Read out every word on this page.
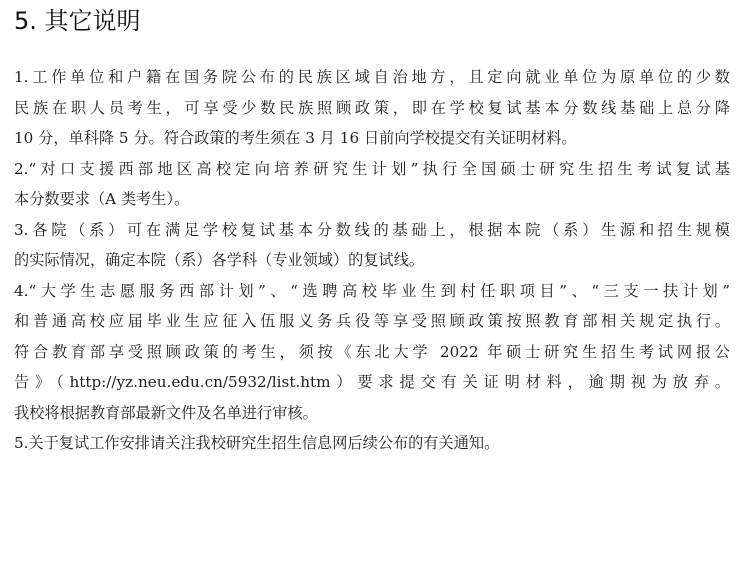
5. 其它说明
1.工作单位和户籍在国务院公布的民族区域自治地方，且定向就业单位为原单位的少数
民族在职人员考生，可享受少数民族照顾政策，即在学校复试基本分数线基础上总分降
10 分，单科降 5 分。符合政策的考生须在 3 月 16 日前向学校提交有关证明材料。
2.“对口支援西部地区高校定向培养研究生计划”执行全国硕士研究生招生考试复试基
本分数要求（A 类考生）。
3.各院（系）可在满足学校复试基本分数线的基础上，根据本院（系）生源和招生规模
的实际情况，确定本院（系）各学科（专业领域）的复试线。
4.“大学生志愿服务西部计划”、“选聘高校毕业生到村任职项目”、“三支一扶计划”
和普通高校应届毕业生应征入伍服义务兵役等享受照顾政策按照教育部相关规定执行。
符合教育部享受照顾政策的考生，须按《东北大学 2022 年硕士研究生招生考试网报公
告》（http://yz.neu.edu.cn/5932/list.htm）要求提交有关证明材料，逾期视为放弃。
我校将根据教育部最新文件及名单进行审核。
5.关于复试工作安排请关注我校研究生招生信息网后续公布的有关通知。
